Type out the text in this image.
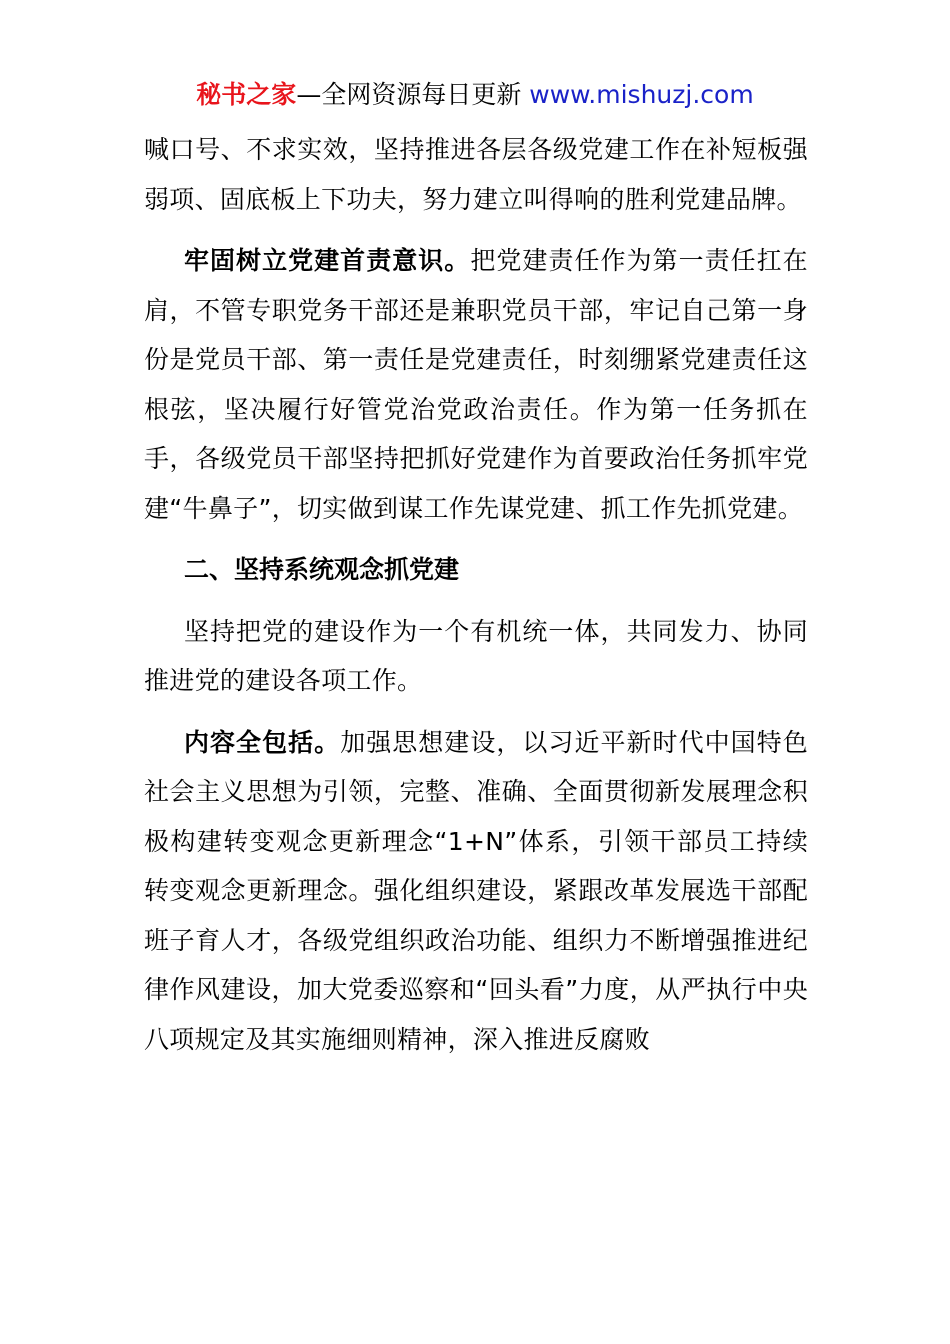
秘书之家—全网资源每日更新 www.mishuzj.com

喊口号、不求实效，坚持推进各层各级党建工作在补短板强弱项、固底板上下功夫，努力建立叫得响的胜利党建品牌。

牢固树立党建首责意识。把党建责任作为第一责任扛在肩，不管专职党务干部还是兼职党员干部，牢记自己第一身份是党员干部、第一责任是党建责任，时刻绷紧党建责任这根弦，坚决履行好管党治党政治责任。作为第一任务抓在手，各级党员干部坚持把抓好党建作为首要政治任务抓牢党建“牛鼻子”，切实做到谋工作先谋党建、抓工作先抓党建。

二、坚持系统观念抓党建

坚持把党的建设作为一个有机统一体，共同发力、协同推进党的建设各项工作。

内容全包括。加强思想建设，以习近平新时代中国特色社会主义思想为引领，完整、准确、全面贯彻新发展理念积极构建转变观念更新理念“1+N”体系，引领干部员工持续转变观念更新理念。强化组织建设，紧跟改革发展选干部配班子育人才，各级党组织政治功能、组织力不断增强推进纪律作风建设，加大党委巡察和“回头看”力度，从严执行中央八项规定及其实施细则精神，深入推进反腐败
